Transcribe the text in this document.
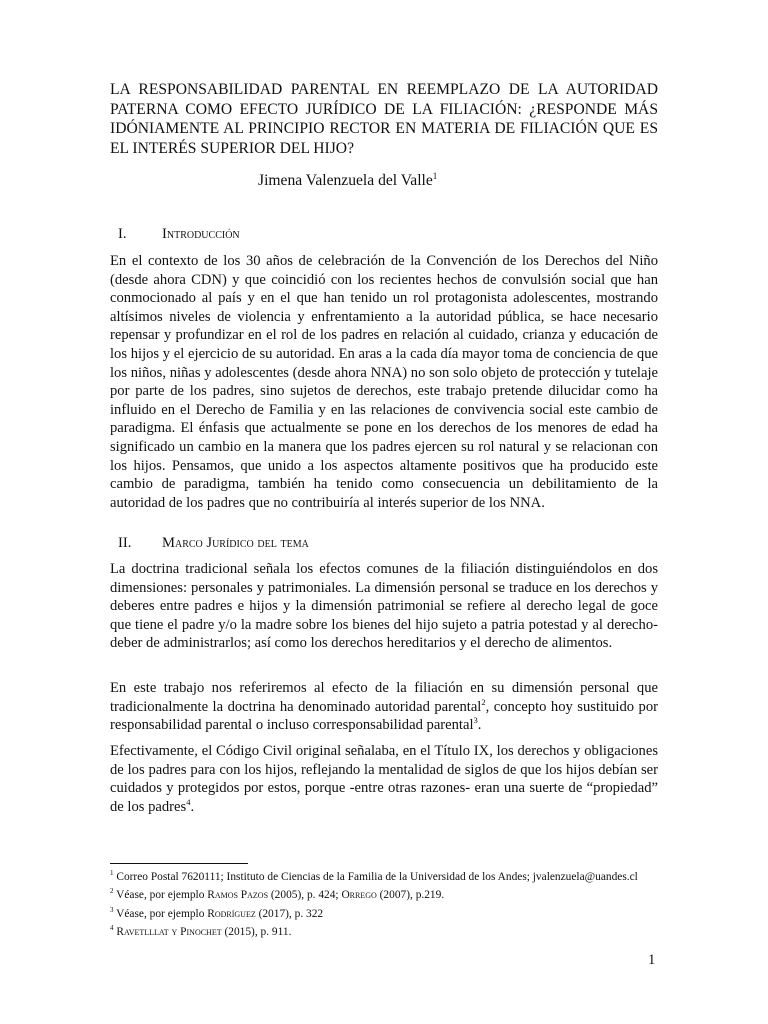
LA RESPONSABILIDAD PARENTAL EN REEMPLAZO DE LA AUTORIDAD PATERNA COMO EFECTO JURÍDICO DE LA FILIACIÓN: ¿RESPONDE MÁS IDÓNIAMENTE AL PRINCIPIO RECTOR EN MATERIA DE FILIACIÓN QUE ES EL INTERÉS SUPERIOR DEL HIJO?

Jimena Valenzuela del Valle$^1$

I. Introducción

En el contexto de los 30 años de celebración de la Convención de los Derechos del Niño (desde ahora CDN) y que coincidió con los recientes hechos de convulsión social que han conmocionado al país y en el que han tenido un rol protagonista adolescentes, mostrando altísimos niveles de violencia y enfrentamiento a la autoridad pública, se hace necesario repensar y profundizar en el rol de los padres en relación al cuidado, crianza y educación de los hijos y el ejercicio de su autoridad. En aras a la cada día mayor toma de conciencia de que los niños, niñas y adolescentes (desde ahora NNA) no son solo objeto de protección y tutelaje por parte de los padres, sino sujetos de derechos, este trabajo pretende dilucidar como ha influido en el Derecho de Familia y en las relaciones de convivencia social este cambio de paradigma. El énfasis que actualmente se pone en los derechos de los menores de edad ha significado un cambio en la manera que los padres ejercen su rol natural y se relacionan con los hijos. Pensamos, que unido a los aspectos altamente positivos que ha producido este cambio de paradigma, también ha tenido como consecuencia un debilitamiento de la autoridad de los padres que no contribuiría al interés superior de los NNA.

II. Marco Jurídico del tema

La doctrina tradicional señala los efectos comunes de la filiación distinguiéndolos en dos dimensiones: personales y patrimoniales. La dimensión personal se traduce en los derechos y deberes entre padres e hijos y la dimensión patrimonial se refiere al derecho legal de goce que tiene el padre y/o la madre sobre los bienes del hijo sujeto a patria potestad y al derecho-deber de administrarlos; así como los derechos hereditarios y el derecho de alimentos.

En este trabajo nos referiremos al efecto de la filiación en su dimensión personal que tradicionalmente la doctrina ha denominado autoridad parental$^2$, concepto hoy sustituido por responsabilidad parental o incluso corresponsabilidad parental$^3$.

Efectivamente, el Código Civil original señalaba, en el Título IX, los derechos y obligaciones de los padres para con los hijos, reflejando la mentalidad de siglos de que los hijos debían ser cuidados y protegidos por estos, porque -entre otras razones- eran una suerte de “propiedad” de los padres$^4$.

$^1$ Correo Postal 7620111; Instituto de Ciencias de la Familia de la Universidad de los Andes; jvalenzuela@uandes.cl

$^2$ Véase, por ejemplo Ramos Pazos (2005), p. 424; Orrego (2007), p.219.

$^3$ Véase, por ejemplo Rodríguez (2017), p. 322

$^4$ Ravetlllat y Pinochet (2015), p. 911.

1
